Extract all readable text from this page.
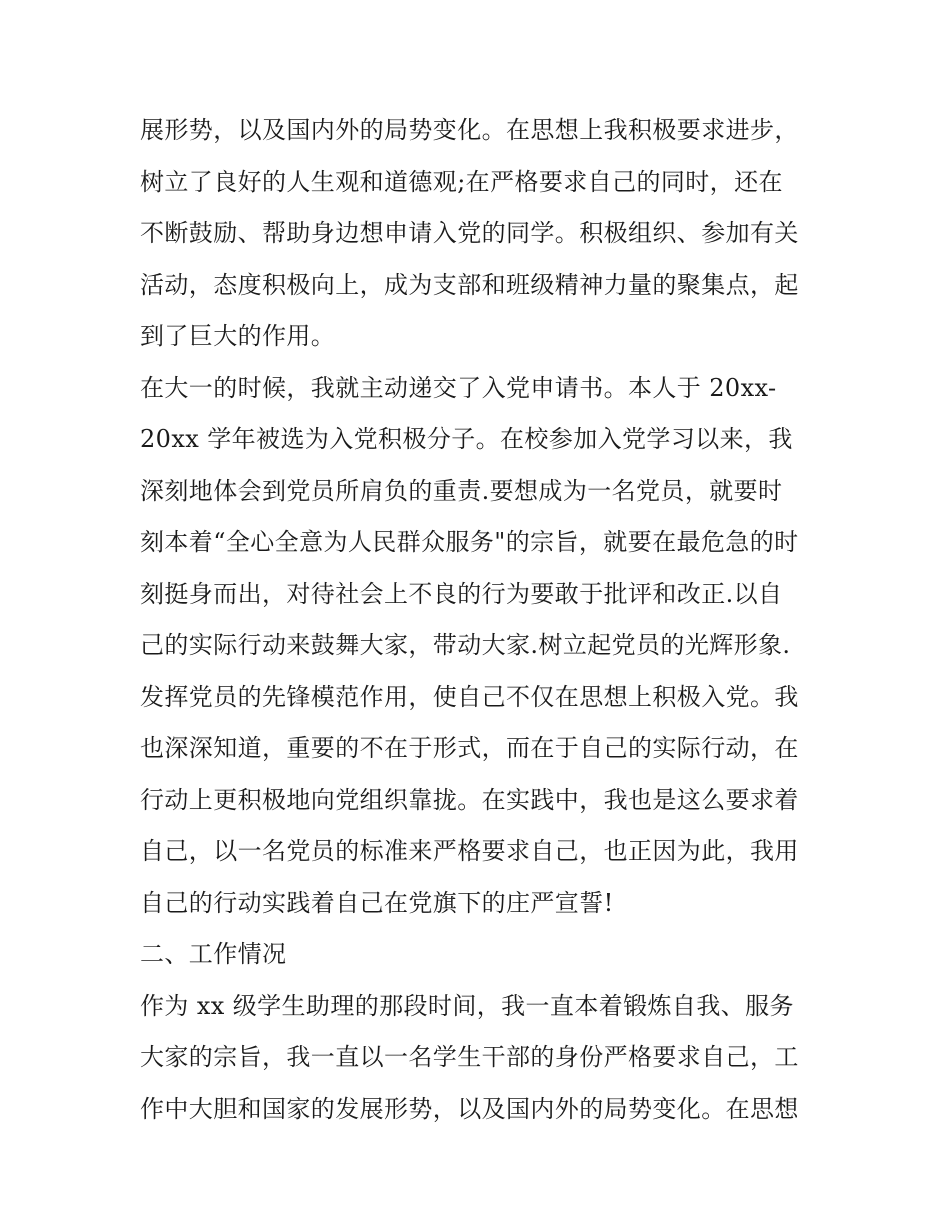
展形势，以及国内外的局势变化。在思想上我积极要求进步，
树立了良好的人生观和道德观;在严格要求自己的同时，还在
不断鼓励、帮助身边想申请入党的同学。积极组织、参加有关
活动，态度积极向上，成为支部和班级精神力量的聚集点，起
到了巨大的作用。
在大一的时候，我就主动递交了入党申请书。本人于 20xx-
20xx 学年被选为入党积极分子。在校参加入党学习以来，我
深刻地体会到党员所肩负的重责.要想成为一名党员，就要时
刻本着“全心全意为人民群众服务"的宗旨，就要在最危急的时
刻挺身而出，对待社会上不良的行为要敢于批评和改正.以自
己的实际行动来鼓舞大家，带动大家.树立起党员的光辉形象.
发挥党员的先锋模范作用，使自己不仅在思想上积极入党。我
也深深知道，重要的不在于形式，而在于自己的实际行动，在
行动上更积极地向党组织靠拢。在实践中，我也是这么要求着
自己，以一名党员的标准来严格要求自己，也正因为此，我用
自己的行动实践着自己在党旗下的庄严宣誓!
二、工作情况
作为 xx 级学生助理的那段时间，我一直本着锻炼自我、服务
大家的宗旨，我一直以一名学生干部的身份严格要求自己，工
作中大胆和国家的发展形势，以及国内外的局势变化。在思想
